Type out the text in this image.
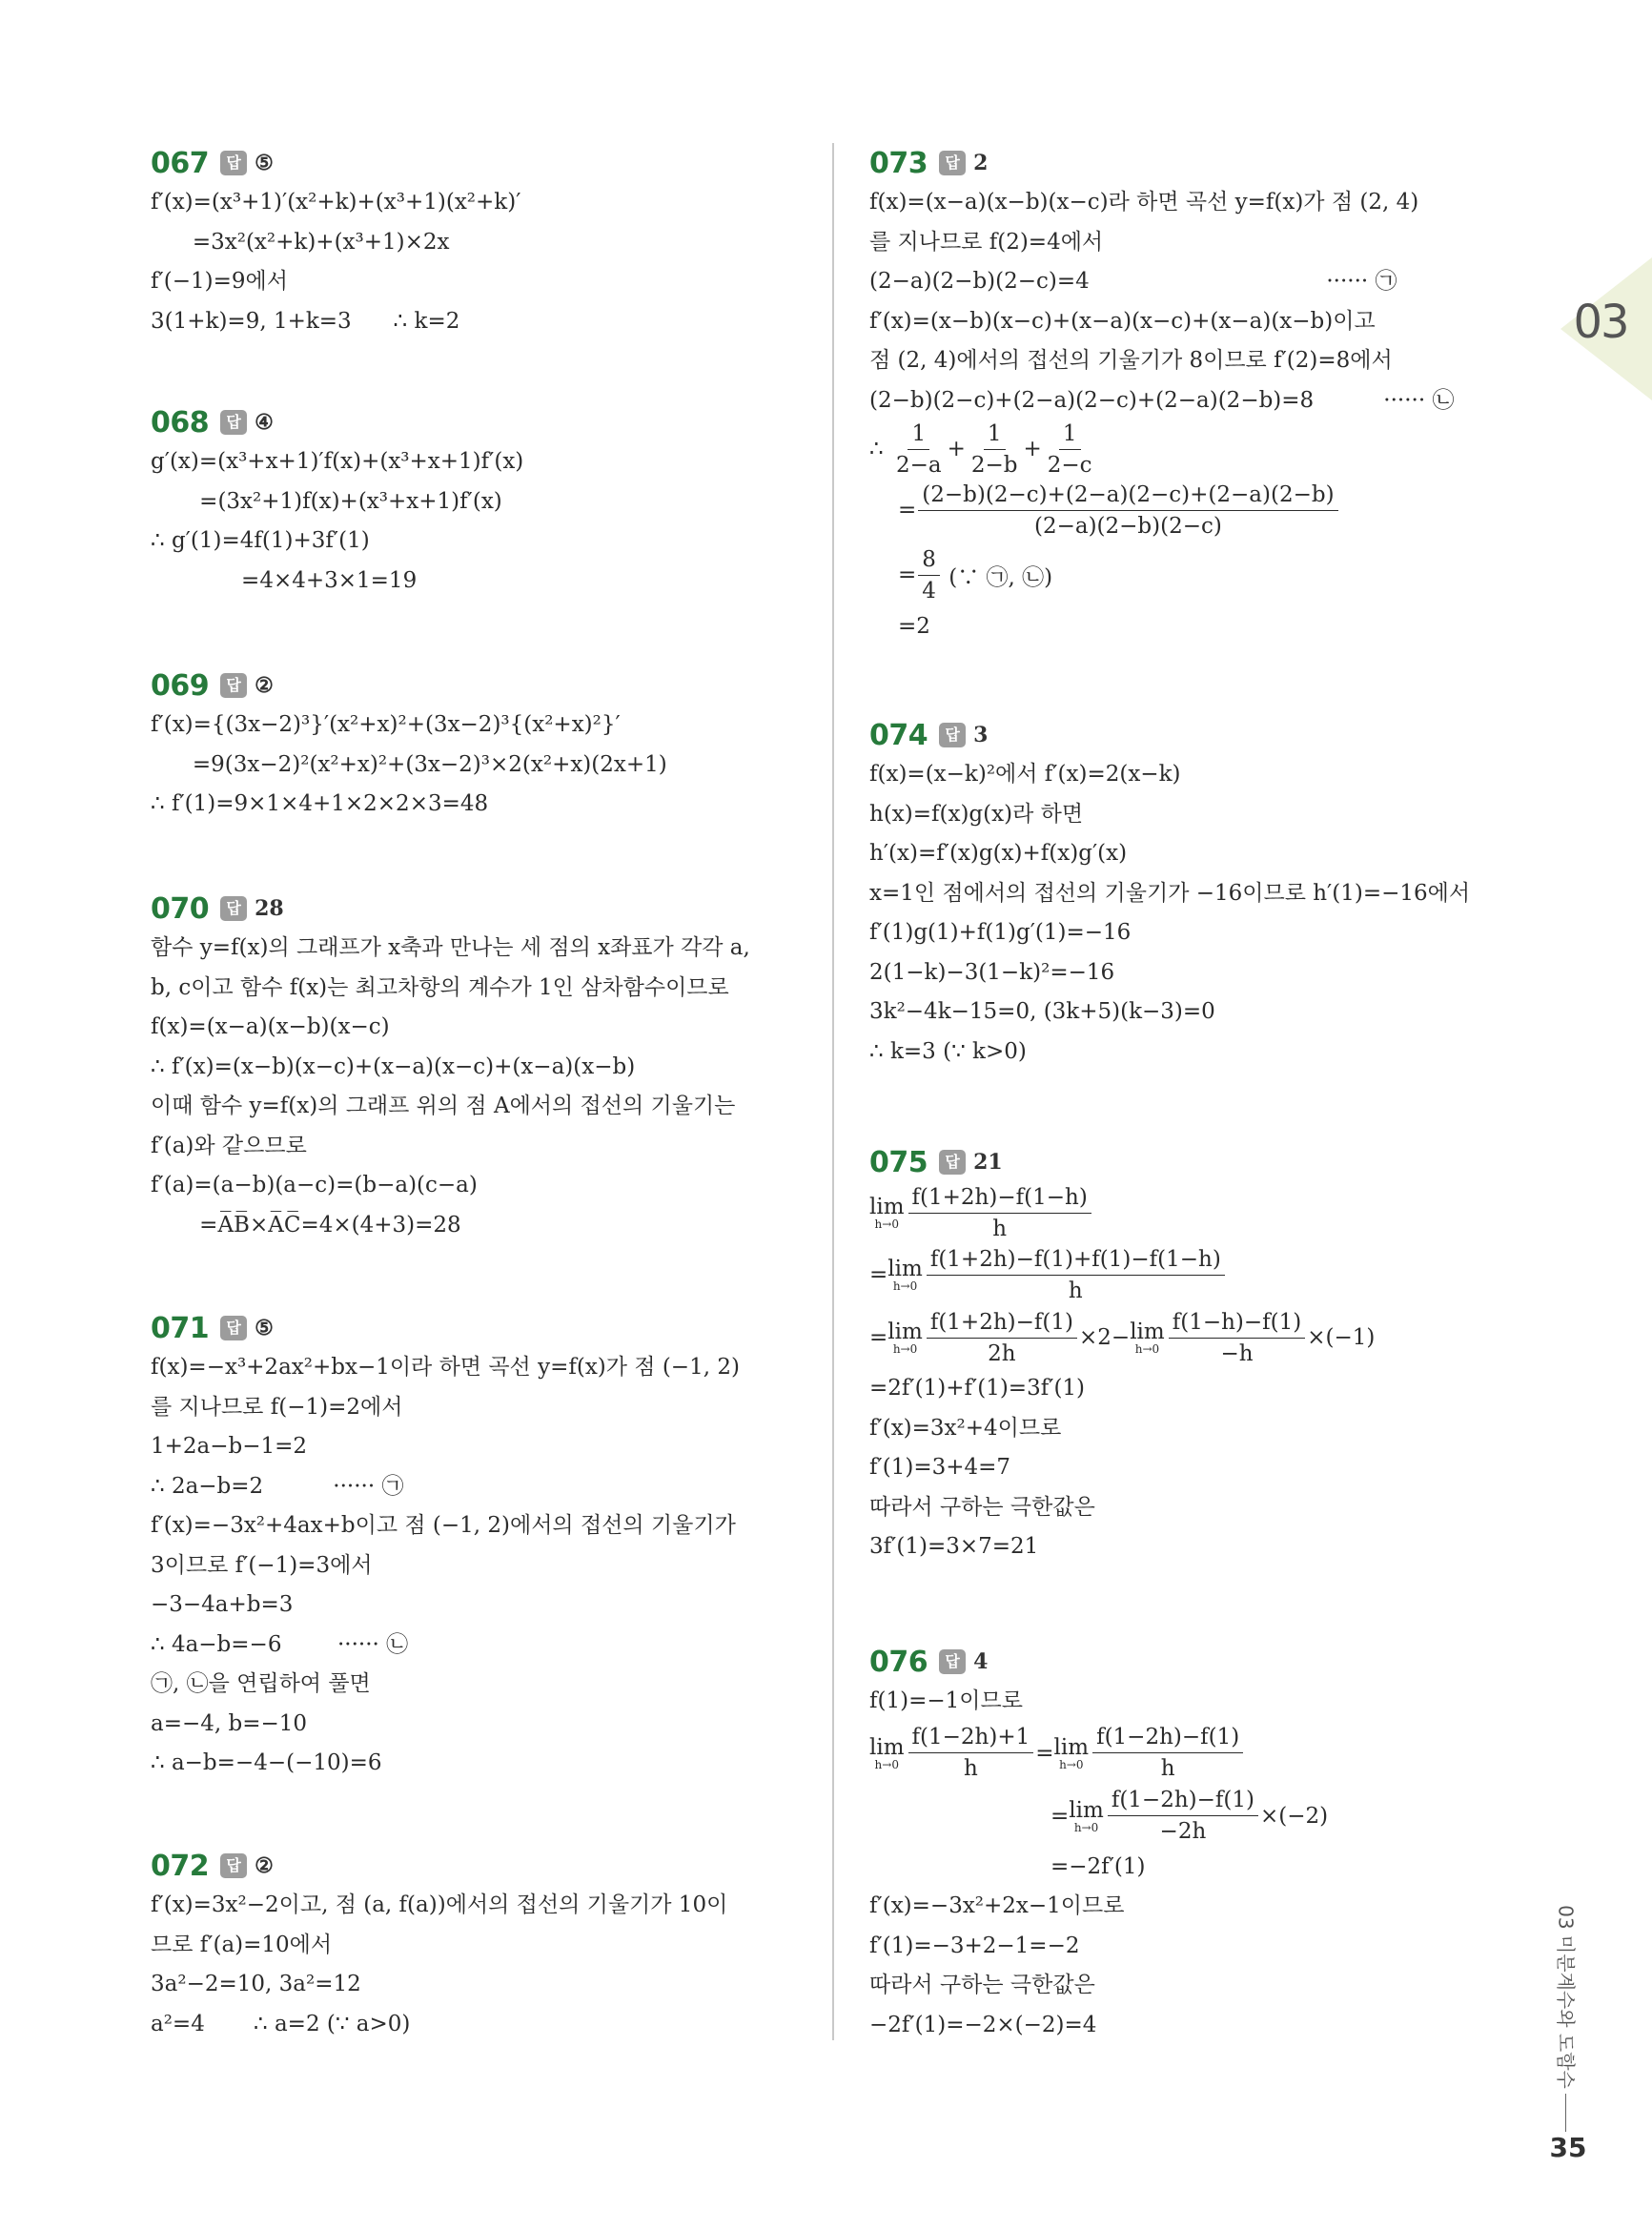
067	답 ⑤
f′(x)=(x³+1)′(x²+k)+(x³+1)(x²+k)′
=3x²(x²+k)+(x³+1)×2x
f′(−1)=9에서
3(1+k)=9, 1+k=3      ∴ k=2
068	답 ④
g′(x)=(x³+x+1)′f(x)+(x³+x+1)f′(x)
=(3x²+1)f(x)+(x³+x+1)f′(x)
∴ g′(1)=4f(1)+3f′(1)
=4×4+3×1=19
069	답 ②
f′(x)={(3x−2)³}′(x²+x)²+(3x−2)³{(x²+x)²}′
=9(3x−2)²(x²+x)²+(3x−2)³×2(x²+x)(2x+1)
∴ f′(1)=9×1×4+1×2×2×3=48
070	답 28
함수 y=f(x)의 그래프가 x축과 만나는 세 점의 x좌표가 각각 a,
b, c이고 함수 f(x)는 최고차항의 계수가 1인 삼차함수이므로
f(x)=(x−a)(x−b)(x−c)
∴ f′(x)=(x−b)(x−c)+(x−a)(x−c)+(x−a)(x−b)
이때 함수 y=f(x)의 그래프 위의 점 A에서의 접선의 기울기는
f′(a)와 같으므로
f′(a)=(a−b)(a−c)=(b−a)(c−a)
=A̅B̅×A̅C̅=4×(4+3)=28
071	답 ⑤
f(x)=−x³+2ax²+bx−1이라 하면 곡선 y=f(x)가 점 (−1, 2)
를 지나므로 f(−1)=2에서
1+2a−b−1=2
∴ 2a−b=2          ······ ㉠
f′(x)=−3x²+4ax+b이고 점 (−1, 2)에서의 접선의 기울기가
3이므로 f′(−1)=3에서
−3−4a+b=3
∴ 4a−b=−6        ······ ㉡
㉠, ㉡을 연립하여 풀면
a=−4, b=−10
∴ a−b=−4−(−10)=6
072	답 ②
f′(x)=3x²−2이고, 점 (a, f(a))에서의 접선의 기울기가 10이
므로 f′(a)=10에서
3a²−2=10, 3a²=12
a²=4       ∴ a=2 (∵ a>0)
073	답 2
f(x)=(x−a)(x−b)(x−c)라 하면 곡선 y=f(x)가 점 (2, 4)
를 지나므로 f(2)=4에서
(2−a)(2−b)(2−c)=4                                  ······ ㉠
f′(x)=(x−b)(x−c)+(x−a)(x−c)+(x−a)(x−b)이고
점 (2, 4)에서의 접선의 기울기가 8이므로 f′(2)=8에서
(2−b)(2−c)+(2−a)(2−c)+(2−a)(2−b)=8          ······ ㉡
∴ $\frac{1}{2-a} + \frac{1}{2-b} + \frac{1}{2-c}$
= $\frac{(2-b)(2-c)+(2-a)(2-c)+(2-a)(2-b)}{(2-a)(2-b)(2-c)}$
= $\frac{8}{4}$ (∵ ㉠, ㉡)
=2
074	답 3
f(x)=(x−k)²에서 f′(x)=2(x−k)
h(x)=f(x)g(x)라 하면
h′(x)=f′(x)g(x)+f(x)g′(x)
x=1인 점에서의 접선의 기울기가 −16이므로 h′(1)=−16에서
f′(1)g(1)+f(1)g′(1)=−16
2(1−k)−3(1−k)²=−16
3k²−4k−15=0, (3k+5)(k−3)=0
∴ k=3 (∵ k>0)
075	답 21
lim
$h\to 0 \frac{f(1+2h)-f(1-h)}{h}$
= lim
$h\to 0 \frac{f(1+2h)-f(1)+f(1)-f(1-h)}{h}$
= lim
$h\to 0 \frac{f(1+2h)-f(1)}{2h} \times 2- \lim$
$h\to 0 \frac{f(1-h)-f(1)}{-h} \times(-1)$
=2f′(1)+f′(1)=3f′(1)
f′(x)=3x²+4이므로
f′(1)=3+4=7
따라서 구하는 극한값은
3f′(1)=3×7=21
076	답 4
f(1)=−1이므로
lim
$h\to 0 \frac{f(1-2h)+1}{h} = \lim$
$h\to 0 \frac{f(1-2h)-f(1)}{h}$
= lim
$h\to 0 \frac{f(1-2h)-f(1)}{-2h} \times(-2)$
=−2f′(1)
f′(x)=−3x²+2x−1이므로
f′(1)=−3+2−1=−2
따라서 구하는 극한값은
−2f′(1)=−2×(−2)=4
03
03 미분계수와 도함수
35
